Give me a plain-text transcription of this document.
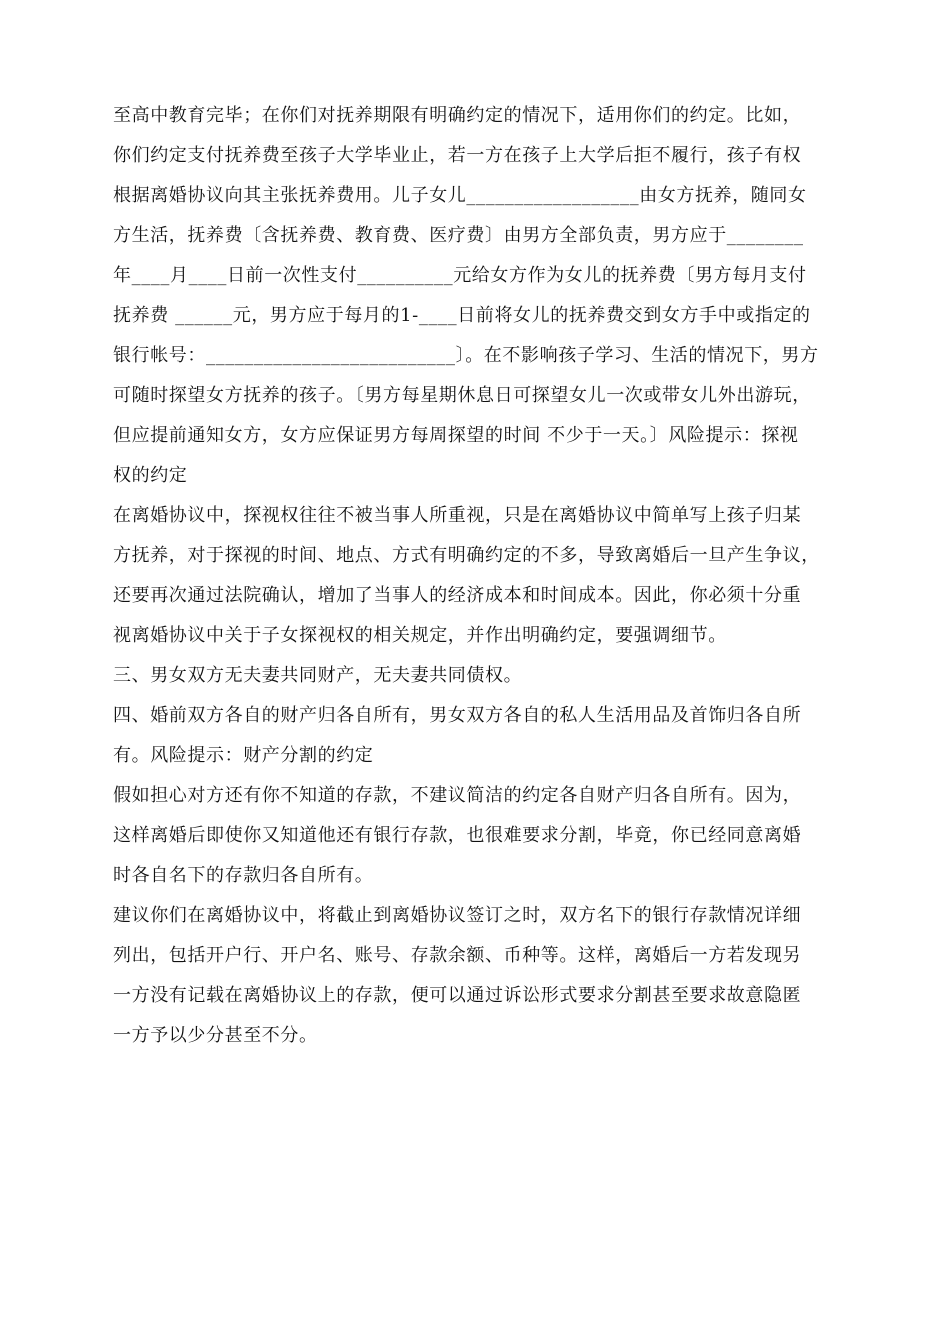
至高中教育完毕；在你们对抚养期限有明确约定的情况下，适用你们的约定。比如，

你们约定支付抚养费至孩子大学毕业止，若一方在孩子上大学后拒不履行，孩子有权

根据离婚协议向其主张抚养费用。儿子女儿__________________由女方抚养，随同女

方生活，抚养费〔含抚养费、教育费、医疗费〕由男方全部负责，男方应于________

年____月____日前一次性支付__________元给女方作为女儿的抚养费〔男方每月支付

抚养费 ______元，男方应于每月的1-____日前将女儿的抚养费交到女方手中或指定的

银行帐号：__________________________〕。在不影响孩子学习、生活的情况下，男方

可随时探望女方抚养的孩子。〔男方每星期休息日可探望女儿一次或带女儿外出游玩，

但应提前通知女方，女方应保证男方每周探望的时间 不少于一天。〕风险提示：探视

权的约定

在离婚协议中，探视权往往不被当事人所重视，只是在离婚协议中简单写上孩子归某

方抚养，对于探视的时间、地点、方式有明确约定的不多，导致离婚后一旦产生争议，

还要再次通过法院确认，增加了当事人的经济成本和时间成本。因此，你必须十分重

视离婚协议中关于子女探视权的相关规定，并作出明确约定，要强调细节。

三、男女双方无夫妻共同财产，无夫妻共同债权。

四、婚前双方各自的财产归各自所有，男女双方各自的私人生活用品及首饰归各自所

有。风险提示：财产分割的约定

假如担心对方还有你不知道的存款，不建议简洁的约定各自财产归各自所有。因为，

这样离婚后即使你又知道他还有银行存款，也很难要求分割，毕竟，你已经同意离婚

时各自名下的存款归各自所有。

建议你们在离婚协议中，将截止到离婚协议签订之时，双方名下的银行存款情况详细

列出，包括开户行、开户名、账号、存款余额、币种等。这样，离婚后一方若发现另

一方没有记载在离婚协议上的存款，便可以通过诉讼形式要求分割甚至要求故意隐匿

一方予以少分甚至不分。
